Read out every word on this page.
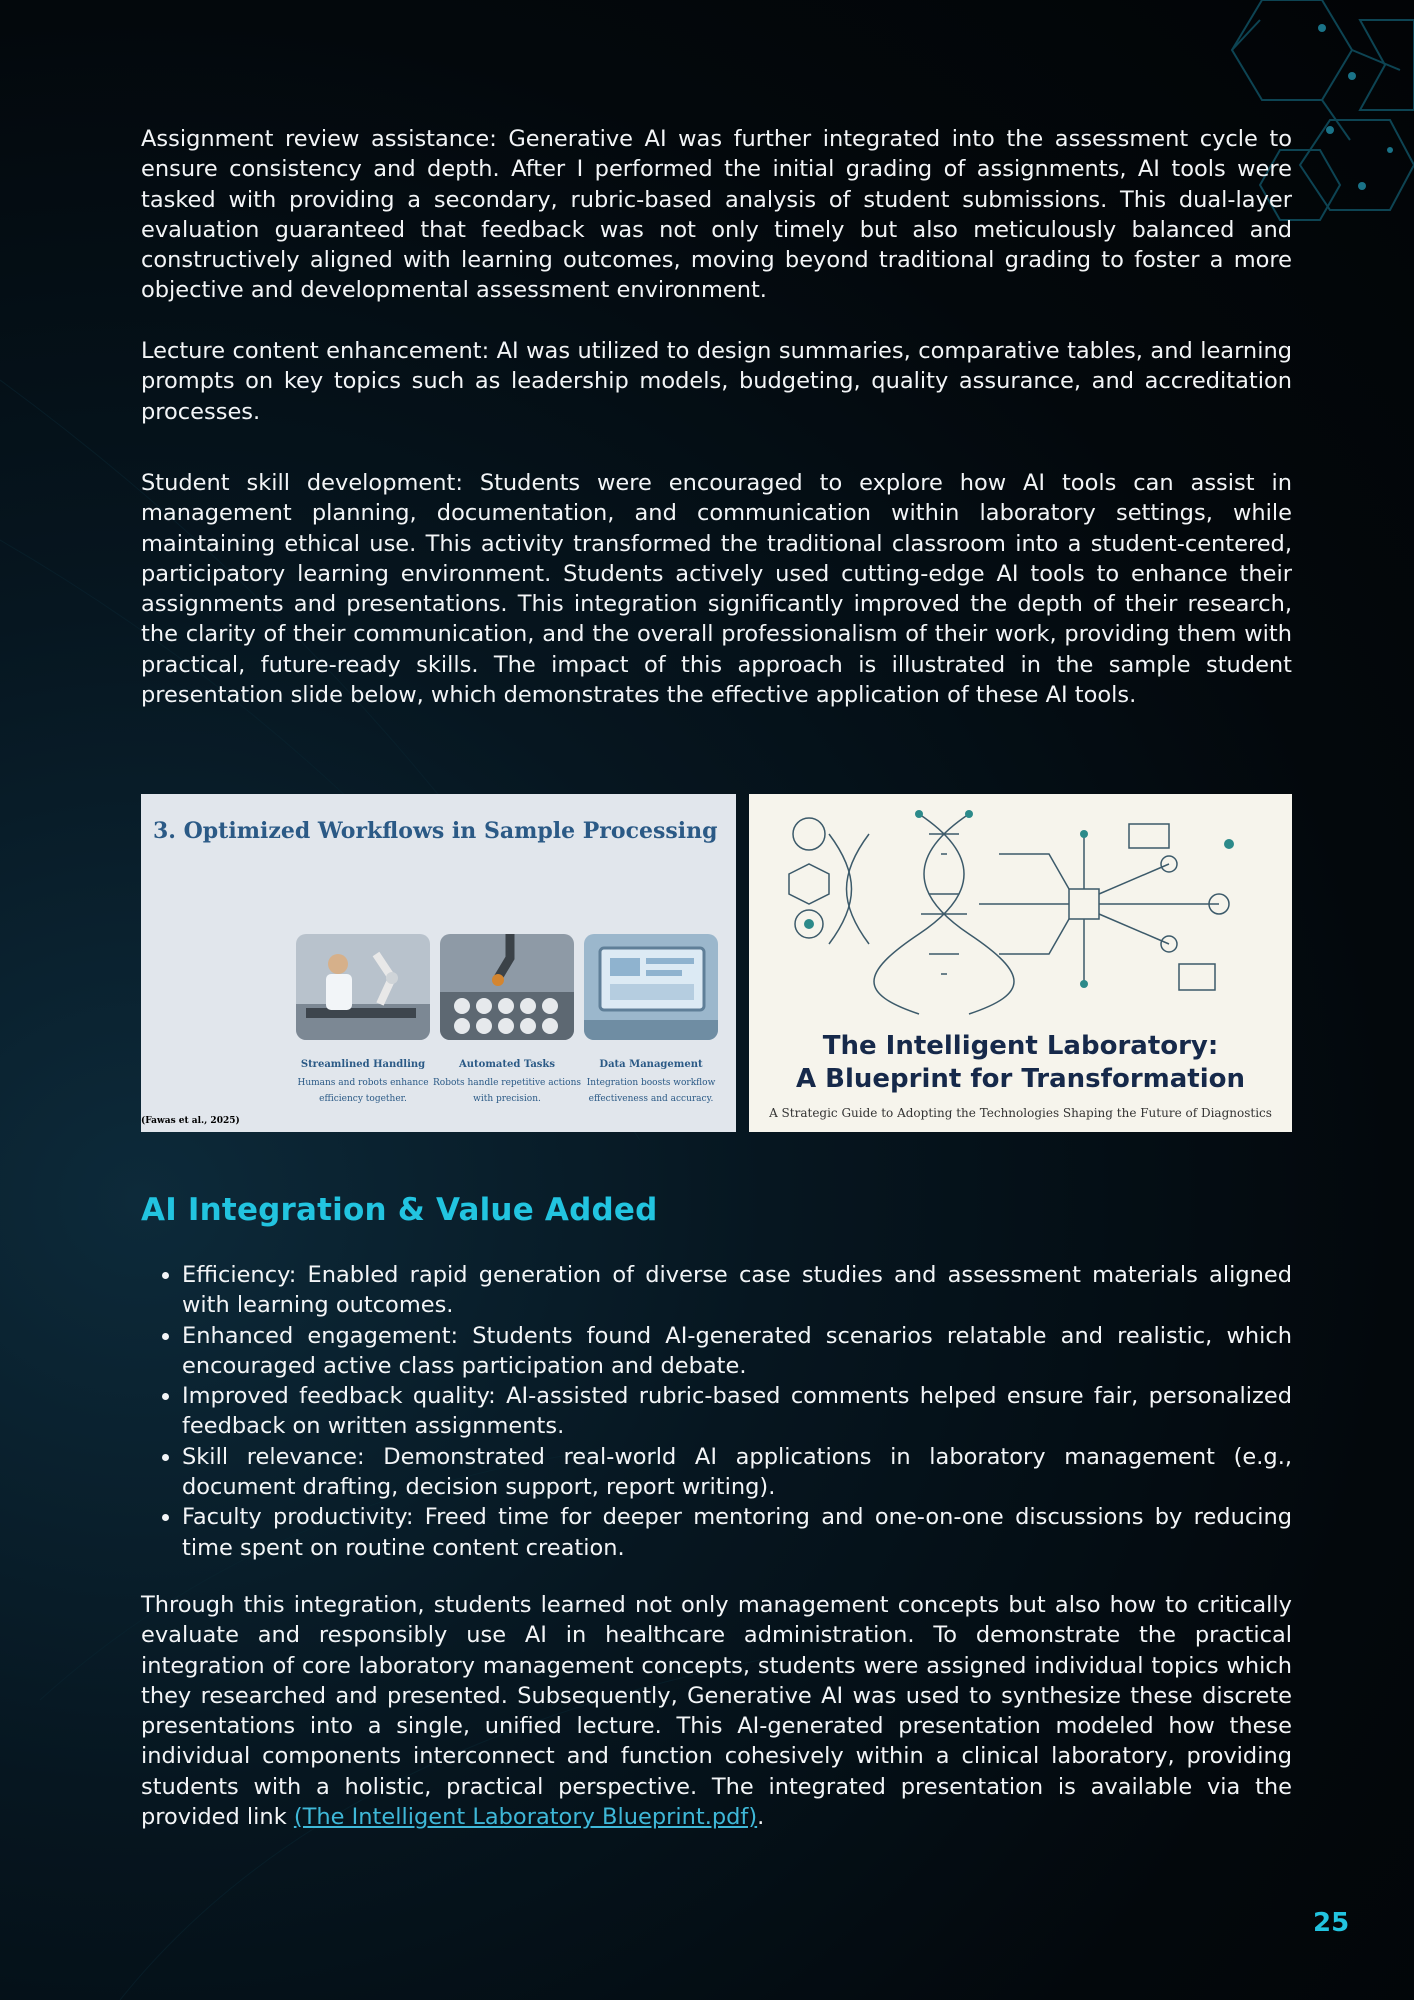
Assignment review assistance: Generative AI was further integrated into the assessment cycle to ensure consistency and depth. After I performed the initial grading of assignments, AI tools were tasked with providing a secondary, rubric-based analysis of student submissions. This dual-layer evaluation guaranteed that feedback was not only timely but also meticulously balanced and constructively aligned with learning outcomes, moving beyond traditional grading to foster a more objective and developmental assessment environment.

Lecture content enhancement: AI was utilized to design summaries, comparative tables, and learning prompts on key topics such as leadership models, budgeting, quality assurance, and accreditation processes.

Student skill development: Students were encouraged to explore how AI tools can assist in management planning, documentation, and communication within laboratory settings, while maintaining ethical use. This activity transformed the traditional classroom into a student-centered, participatory learning environment. Students actively used cutting-edge AI tools to enhance their assignments and presentations. This integration significantly improved the depth of their research, the clarity of their communication, and the overall professionalism of their work, providing them with practical, future-ready skills. The impact of this approach is illustrated in the sample student presentation slide below, which demonstrates the effective application of these AI tools.

3. Optimized Workflows in Sample Processing
Streamlined Handling
Humans and robots enhance efficiency together.
Automated Tasks
Robots handle repetitive actions with precision.
Data Management
Integration boosts workflow effectiveness and accuracy.
(Fawas et al., 2025)
The Intelligent Laboratory:
A Blueprint for Transformation
A Strategic Guide to Adopting the Technologies Shaping the Future of Diagnostics
AI Integration & Value Added
• Efficiency: Enabled rapid generation of diverse case studies and assessment materials aligned with learning outcomes.
• Enhanced engagement: Students found AI-generated scenarios relatable and realistic, which encouraged active class participation and debate.
• Improved feedback quality: AI-assisted rubric-based comments helped ensure fair, personalized feedback on written assignments.
• Skill relevance: Demonstrated real-world AI applications in laboratory management (e.g., document drafting, decision support, report writing).
• Faculty productivity: Freed time for deeper mentoring and one-on-one discussions by reducing time spent on routine content creation.

Through this integration, students learned not only management concepts but also how to critically evaluate and responsibly use AI in healthcare administration. To demonstrate the practical integration of core laboratory management concepts, students were assigned individual topics which they researched and presented. Subsequently, Generative AI was used to synthesize these discrete presentations into a single, unified lecture. This AI-generated presentation modeled how these individual components interconnect and function cohesively within a clinical laboratory, providing students with a holistic, practical perspective. The integrated presentation is available via the provided link (The Intelligent Laboratory Blueprint.pdf).

25
